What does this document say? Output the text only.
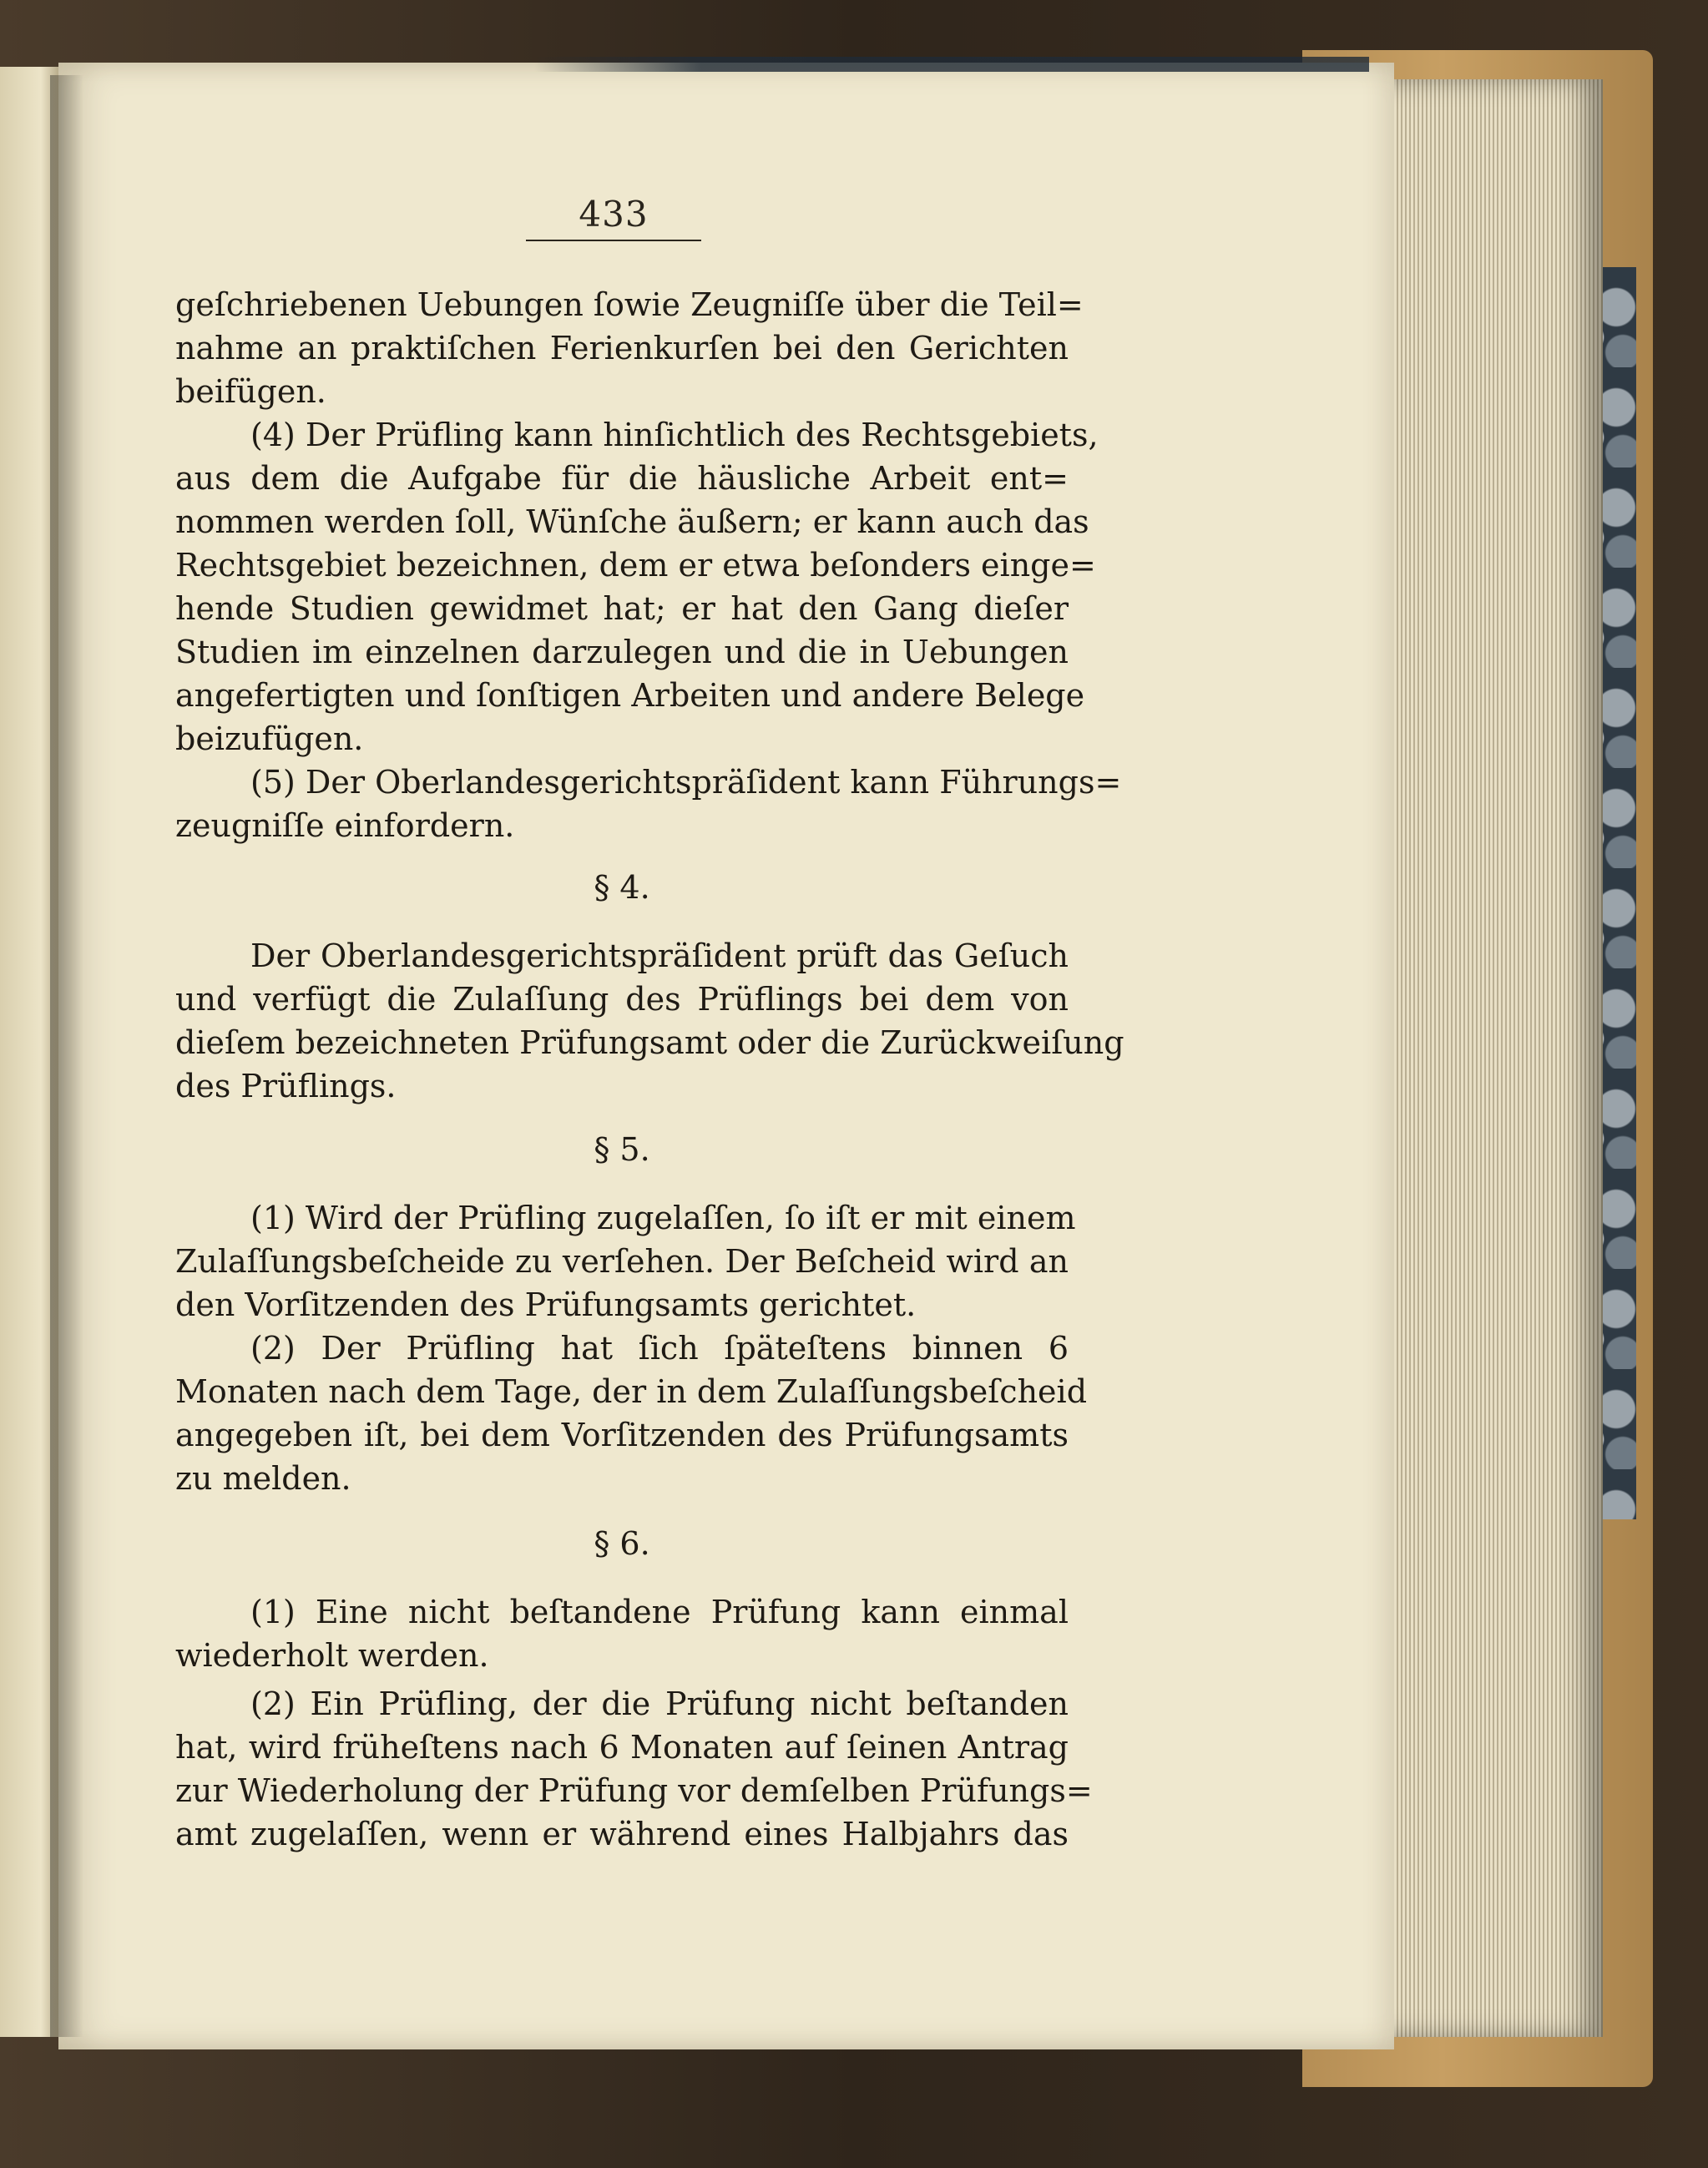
433
geſchriebenen Uebungen ſowie Zeugniſſe über die Teil=
nahme an praktiſchen Ferienkurſen bei den Gerichten
beifügen.
(4) Der Prüfling kann hinſichtlich des Rechtsgebiets,
aus dem die Aufgabe für die häusliche Arbeit ent=
nommen werden ſoll, Wünſche äußern; er kann auch das
Rechtsgebiet bezeichnen, dem er etwa beſonders einge=
hende Studien gewidmet hat; er hat den Gang dieſer
Studien im einzelnen darzulegen und die in Uebungen
angefertigten und ſonſtigen Arbeiten und andere Belege
beizufügen.
(5) Der Oberlandesgerichtspräſident kann Führungs=
zeugniſſe einfordern.
§ 4.
Der Oberlandesgerichtspräſident prüft das Geſuch
und verfügt die Zulaſſung des Prüflings bei dem von
dieſem bezeichneten Prüfungsamt oder die Zurückweiſung
des Prüflings.
§ 5.
(1) Wird der Prüfling zugelaſſen, ſo iſt er mit einem
Zulaſſungsbeſcheide zu verſehen. Der Beſcheid wird an
den Vorſitzenden des Prüfungsamts gerichtet.
(2) Der Prüfling hat ſich ſpäteſtens binnen 6
Monaten nach dem Tage, der in dem Zulaſſungsbeſcheid
angegeben iſt, bei dem Vorſitzenden des Prüfungsamts
zu melden.
§ 6.
(1) Eine nicht beſtandene Prüfung kann einmal
wiederholt werden.
(2) Ein Prüfling, der die Prüfung nicht beſtanden
hat, wird früheſtens nach 6 Monaten auf ſeinen Antrag
zur Wiederholung der Prüfung vor demſelben Prüfungs=
amt zugelaſſen, wenn er während eines Halbjahrs das
